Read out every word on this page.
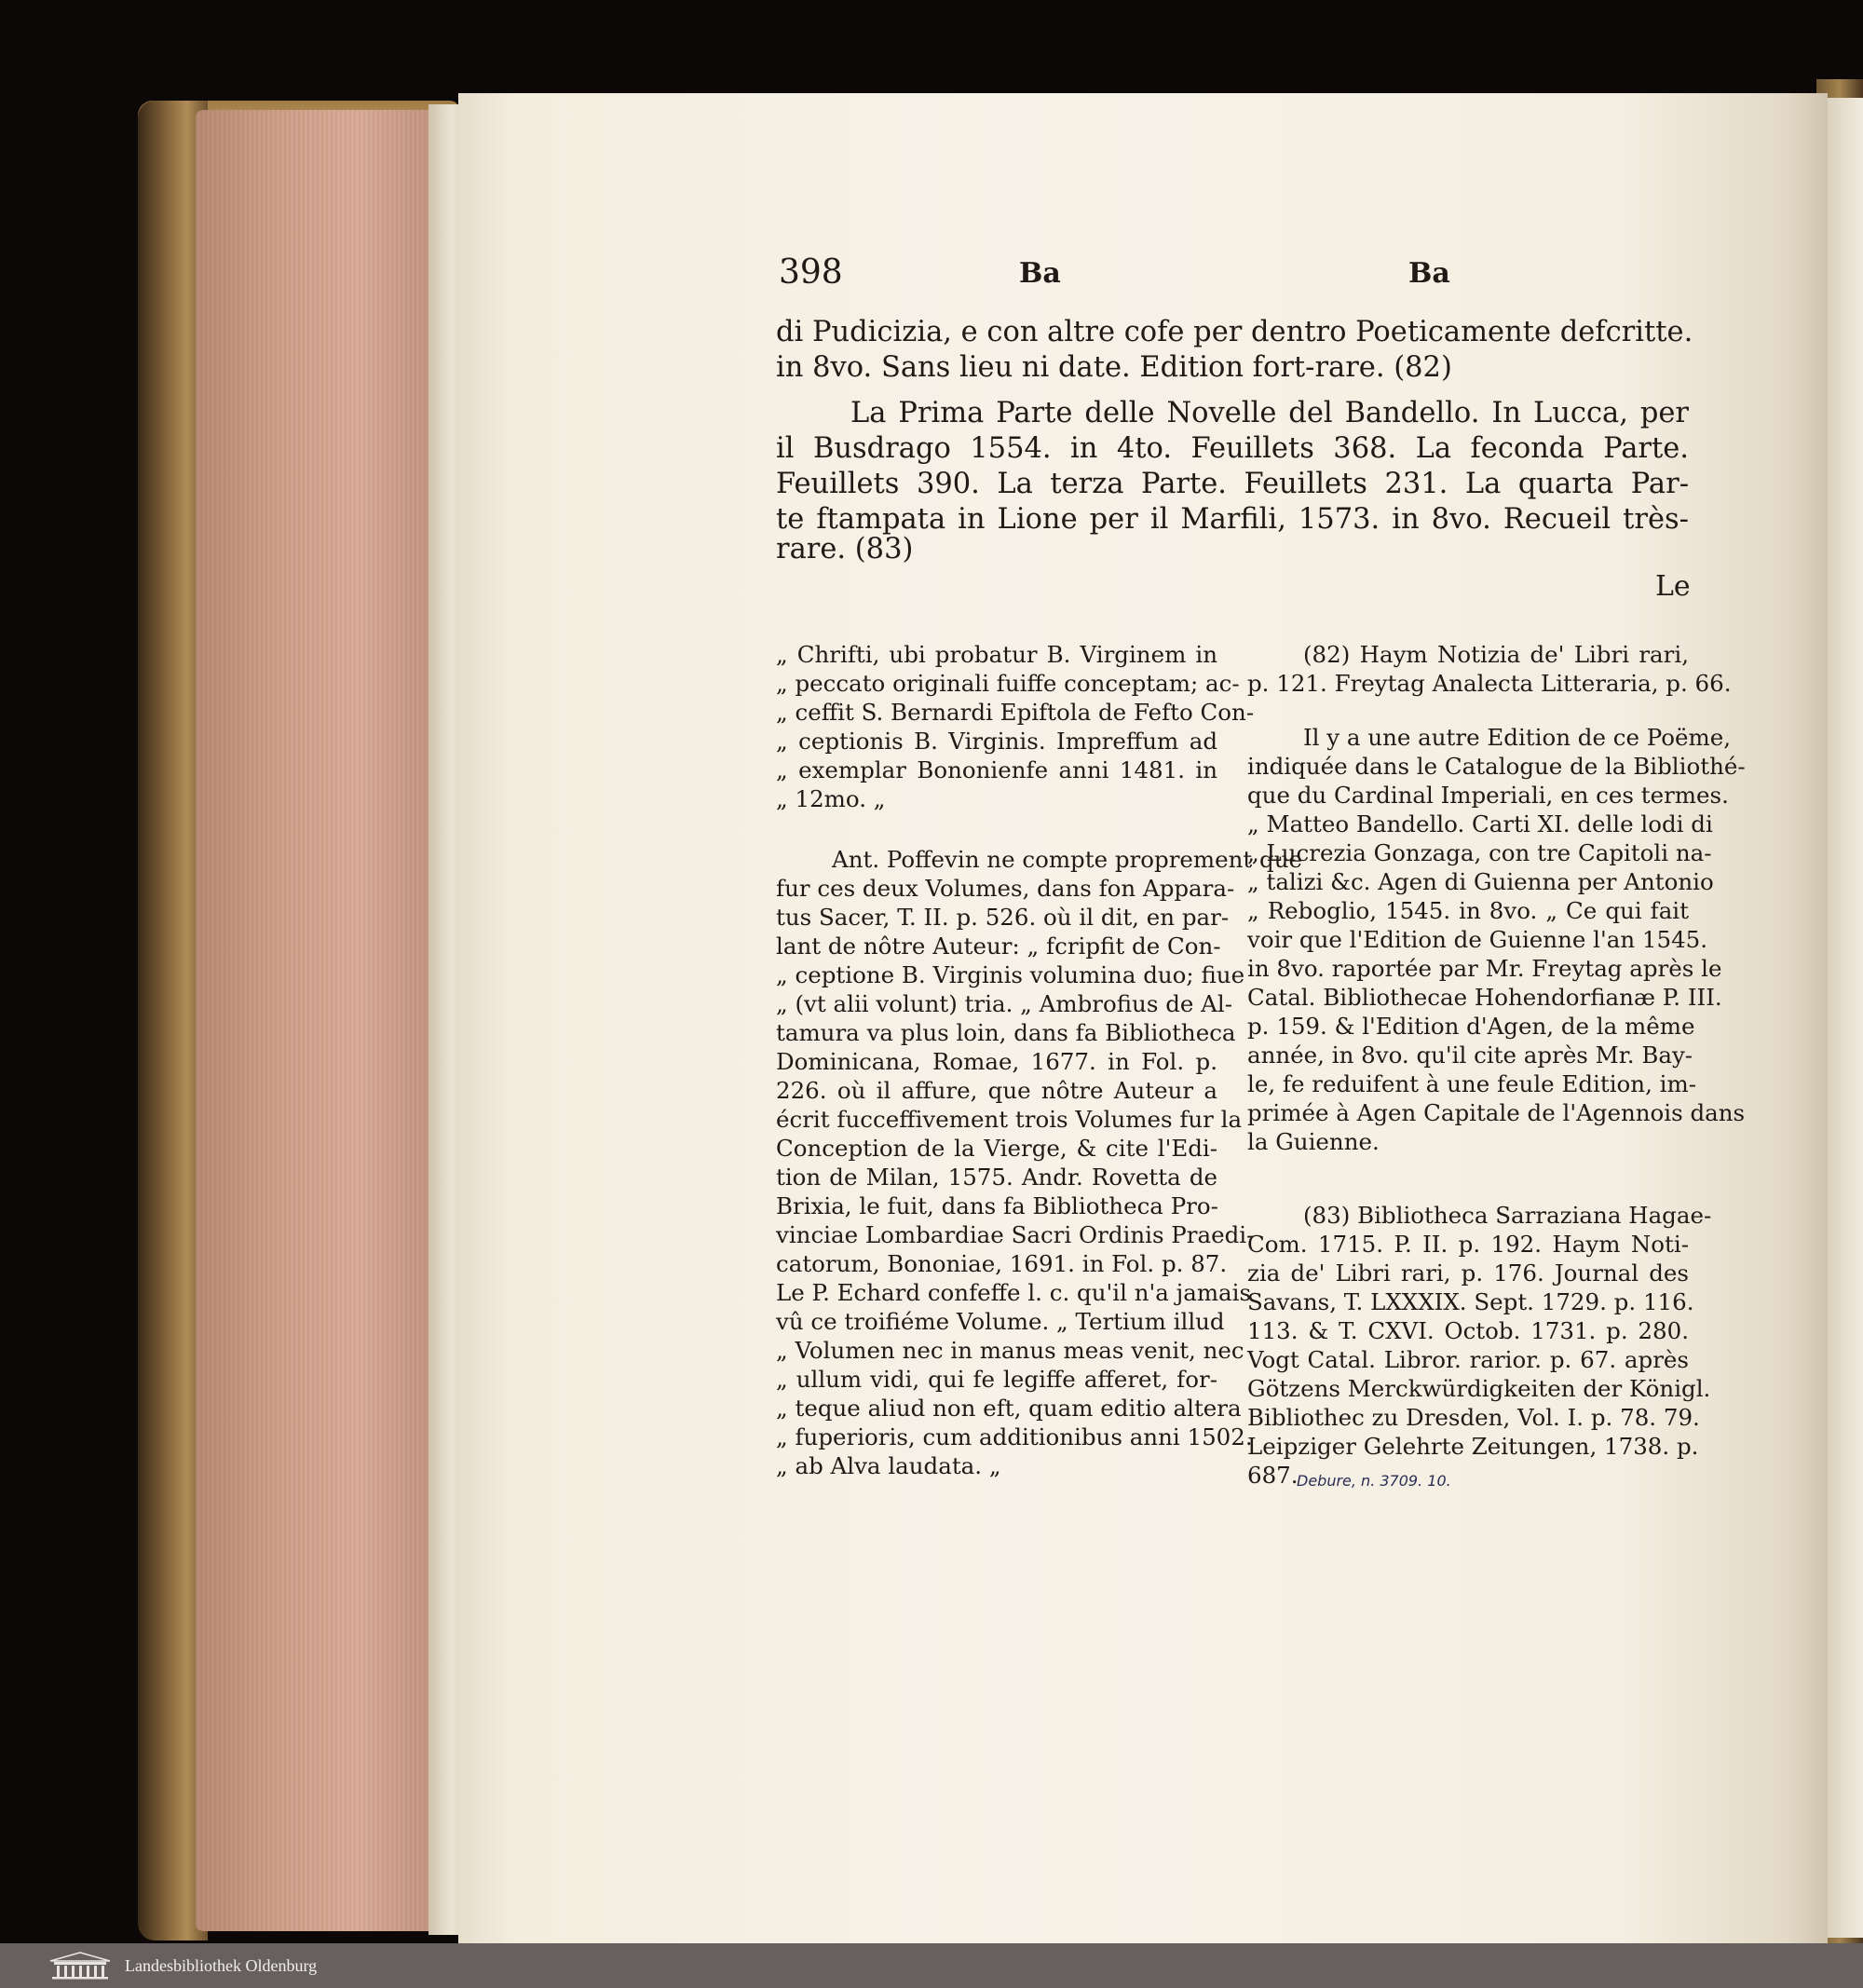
398	Ba	Ba
di Pudicizia, e con altre cofe per dentro Poeticamente defcritte.
in 8vo. Sans lieu ni date. Edition fort-rare. (82)
La Prima Parte delle Novelle del Bandello. In Lucca, per
il Busdrago 1554. in 4to. Feuillets 368. La feconda Parte.
Feuillets 390. La terza Parte. Feuillets 231. La quarta Par-
te ftampata in Lione per il Marfili, 1573. in 8vo. Recueil très-
rare. (83)
Le
„ Chrifti, ubi probatur B. Virginem in
„ peccato originali fuiffe conceptam; ac-
„ ceffit S. Bernardi Epiftola de Fefto Con-
„ ceptionis B. Virginis. Impreffum ad
„ exemplar Bononienfe anni 1481. in
„ 12mo. „
Ant. Poffevin ne compte proprement que
fur ces deux Volumes, dans fon Appara-
tus Sacer, T. II. p. 526. où il dit, en par-
lant de nôtre Auteur: „ fcripfit de Con-
„ ceptione B. Virginis volumina duo; fiue
„ (vt alii volunt) tria. „ Ambrofius de Al-
tamura va plus loin, dans fa Bibliotheca
Dominicana, Romae, 1677. in Fol. p.
226. où il affure, que nôtre Auteur a
écrit fucceffivement trois Volumes fur la
Conception de la Vierge, & cite l'Edi-
tion de Milan, 1575. Andr. Rovetta de
Brixia, le fuit, dans fa Bibliotheca Pro-
vinciae Lombardiae Sacri Ordinis Praedi-
catorum, Bononiae, 1691. in Fol. p. 87.
Le P. Echard confeffe l. c. qu'il n'a jamais
vû ce troifiéme Volume. „ Tertium illud
„ Volumen nec in manus meas venit, nec
„ ullum vidi, qui fe legiffe afferet, for-
„ teque aliud non eft, quam editio altera
„ fuperioris, cum additionibus anni 1502.
„ ab Alva laudata. „
(82) Haym Notizia de' Libri rari,
p. 121. Freytag Analecta Litteraria, p. 66.
Il y a une autre Edition de ce Poëme,
indiquée dans le Catalogue de la Bibliothé-
que du Cardinal Imperiali, en ces termes.
„ Matteo Bandello. Carti XI. delle lodi di
„ Lucrezia Gonzaga, con tre Capitoli na-
„ talizi &c. Agen di Guienna per Antonio
„ Reboglio, 1545. in 8vo. „ Ce qui fait
voir que l'Edition de Guienne l'an 1545.
in 8vo. raportée par Mr. Freytag après le
Catal. Bibliothecae Hohendorfianæ P. III.
p. 159. & l'Edition d'Agen, de la même
année, in 8vo. qu'il cite après Mr. Bay-
le, fe reduifent à une feule Edition, im-
primée à Agen Capitale de l'Agennois dans
la Guienne.
(83) Bibliotheca Sarraziana Hagae-
Com. 1715. P. II. p. 192. Haym Noti-
zia de' Libri rari, p. 176. Journal des
Savans, T. LXXXIX. Sept. 1729. p. 116.
113. & T. CXVI. Octob. 1731. p. 280.
Vogt Catal. Libror. rarior. p. 67. après
Götzens Merckwürdigkeiten der Königl.
Bibliothec zu Dresden, Vol. I. p. 78. 79.
Leipziger Gelehrte Zeitungen, 1738. p.
687.
Debure, n. 3709. 10.
Landesbibliothek Oldenburg
